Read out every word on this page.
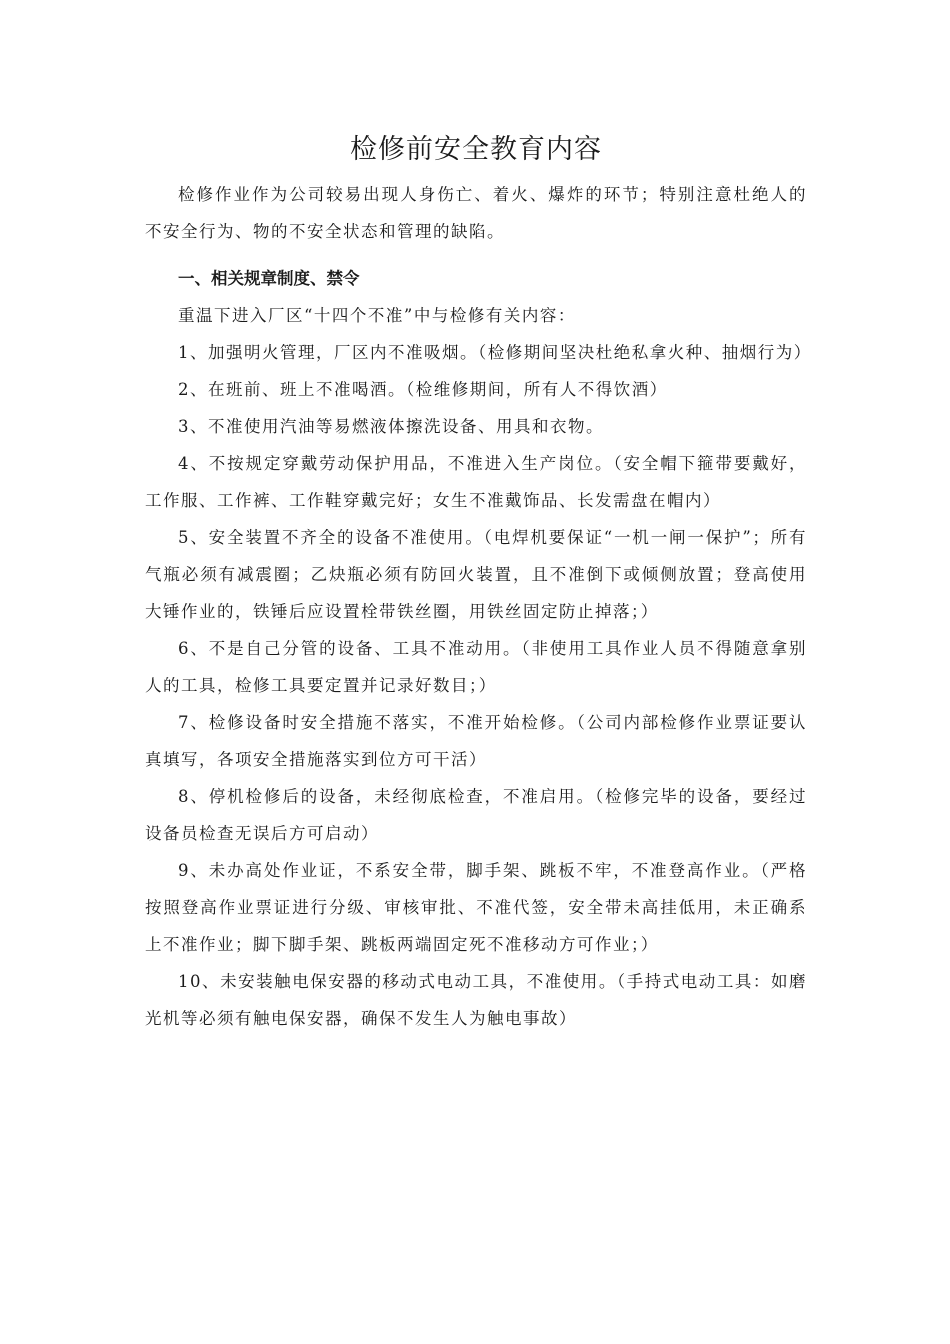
检修前安全教育内容

检修作业作为公司较易出现人身伤亡、着火、爆炸的环节；特别注意杜绝人的不安全行为、物的不安全状态和管理的缺陷。

一、相关规章制度、禁令

重温下进入厂区“十四个不准”中与检修有关内容：

1、加强明火管理，厂区内不准吸烟。（检修期间坚决杜绝私拿火种、抽烟行为）
2、在班前、班上不准喝酒。（检维修期间，所有人不得饮酒）
3、不准使用汽油等易燃液体擦洗设备、用具和衣物。
4、不按规定穿戴劳动保护用品，不准进入生产岗位。（安全帽下箍带要戴好，工作服、工作裤、工作鞋穿戴完好；女生不准戴饰品、长发需盘在帽内）
5、安全装置不齐全的设备不准使用。（电焊机要保证“一机一闸一保护”；所有气瓶必须有减震圈；乙炔瓶必须有防回火装置，且不准倒下或倾侧放置；登高使用大锤作业的，铁锤后应设置栓带铁丝圈，用铁丝固定防止掉落；）
6、不是自己分管的设备、工具不准动用。（非使用工具作业人员不得随意拿别人的工具，检修工具要定置并记录好数目；）
7、检修设备时安全措施不落实，不准开始检修。（公司内部检修作业票证要认真填写，各项安全措施落实到位方可干活）
8、停机检修后的设备，未经彻底检查，不准启用。（检修完毕的设备，要经过设备员检查无误后方可启动）
9、未办高处作业证，不系安全带，脚手架、跳板不牢，不准登高作业。（严格按照登高作业票证进行分级、审核审批、不准代签，安全带未高挂低用，未正确系上不准作业；脚下脚手架、跳板两端固定死不准移动方可作业；）
10、未安装触电保安器的移动式电动工具，不准使用。（手持式电动工具：如磨光机等必须有触电保安器，确保不发生人为触电事故）
